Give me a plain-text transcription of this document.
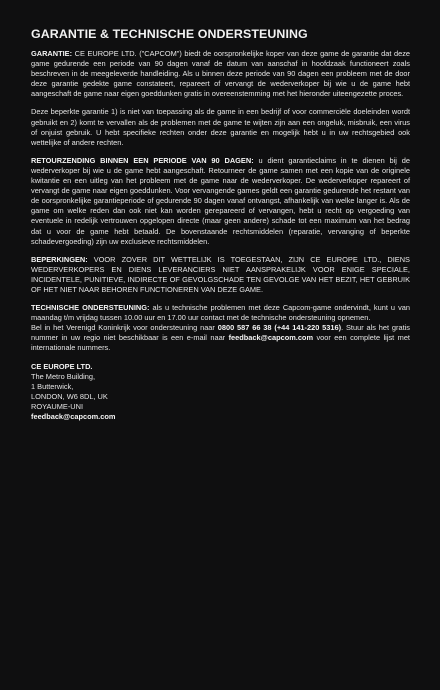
GARANTIE & TECHNISCHE ONDERSTEUNING

GARANTIE: CE EUROPE LTD. ("CAPCOM") biedt de oorspronkelijke koper van deze game de garantie dat deze game gedurende een periode van 90 dagen vanaf de datum van aanschaf in hoofdzaak functioneert zoals beschreven in de meegeleverde handleiding. Als u binnen deze periode van 90 dagen een probleem met de door deze garantie gedekte game constateert, repareert of vervangt de wederverkoper bij wie u de game hebt aangeschaft de game naar eigen goeddunken gratis in overeenstemming met het hieronder uiteengezette proces.

Deze beperkte garantie 1) is niet van toepassing als de game in een bedrijf of voor commerciële doeleinden wordt gebruikt en 2) komt te vervallen als de problemen met de game te wijten zijn aan een ongeluk, misbruik, een virus of onjuist gebruik. U hebt specifieke rechten onder deze garantie en mogelijk hebt u in uw rechtsgebied ook wettelijke of andere rechten.

RETOURZENDING BINNEN EEN PERIODE VAN 90 DAGEN: u dient garantieclaims in te dienen bij de wederverkoper bij wie u de game hebt aangeschaft. Retourneer de game samen met een kopie van de originele kwitantie en een uitleg van het probleem met de game naar de wederverkoper. De wederverkoper repareert of vervangt de game naar eigen goeddunken. Voor vervangende games geldt een garantie gedurende het restant van de oorspronkelijke garantieperiode of gedurende 90 dagen vanaf ontvangst, afhankelijk van welke langer is. Als de game om welke reden dan ook niet kan worden gerepareerd of vervangen, hebt u recht op vergoeding van eventuele in redelijk vertrouwen opgelopen directe (maar geen andere) schade tot een maximum van het bedrag dat u voor de game hebt betaald. De bovenstaande rechtsmiddelen (reparatie, vervanging of beperkte schadevergoeding) zijn uw exclusieve rechtsmiddelen.

BEPERKINGEN: VOOR ZOVER DIT WETTELIJK IS TOEGESTAAN, ZIJN CE EUROPE LTD., DIENS WEDERVERKOPERS EN DIENS LEVERANCIERS NIET AANSPRAKELIJK VOOR ENIGE SPECIALE, INCIDENTELE, PUNITIEVE, INDIRECTE OF GEVOLGSCHADE TEN GEVOLGE VAN HET BEZIT, HET GEBRUIK OF HET NIET NAAR BEHOREN FUNCTIONEREN VAN DEZE GAME.

TECHNISCHE ONDERSTEUNING: als u technische problemen met deze Capcom-game ondervindt, kunt u van maandag t/m vrijdag tussen 10.00 uur en 17.00 uur contact met de technische ondersteuning opnemen.

Bel in het Verenigd Koninkrijk voor ondersteuning naar 0800 587 66 38 (+44 141-220 5316). Stuur als het gratis nummer in uw regio niet beschikbaar is een e-mail naar feedback@capcom.com voor een complete lijst met internationale nummers.

CE EUROPE LTD.

The Metro Building,

1 Butterwick,

LONDON, W6 8DL, UK

ROYAUME-UNI

feedback@capcom.com
